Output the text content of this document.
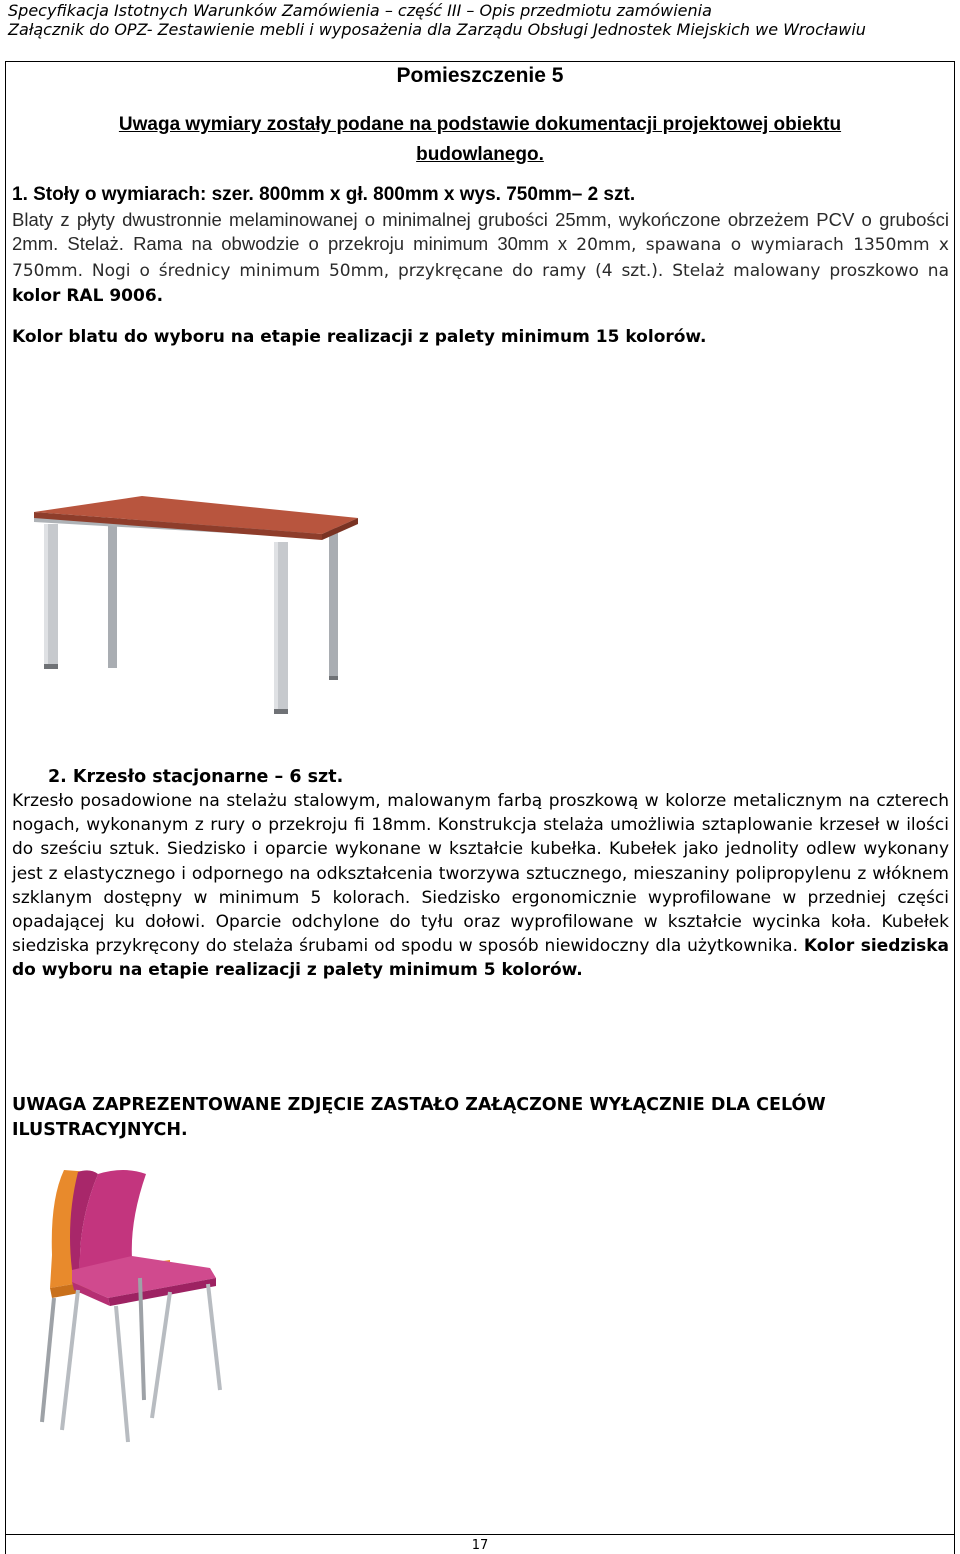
Specyfikacja Istotnych Warunków Zamówienia – część III – Opis przedmiotu zamówienia
Załącznik do OPZ- Zestawienie mebli i wyposażenia dla Zarządu Obsługi Jednostek Miejskich we Wrocławiu
Pomieszczenie 5
Uwaga wymiary zostały podane na podstawie dokumentacji projektowej obiektu
budowlanego.
1. Stoły o wymiarach: szer. 800mm x gł. 800mm x wys. 750mm– 2 szt.
Blaty z płyty dwustronnie melaminowanej o minimalnej grubości 25mm, wykończone obrzeżem PCV o grubości 2mm. Stelaż. Rama na obwodzie o przekroju minimum 30mm x 20mm, spawana o wymiarach 1350mm x 750mm. Nogi o średnicy minimum 50mm, przykręcane do ramy (4 szt.). Stelaż malowany proszkowo na kolor RAL 9006.
Kolor blatu do wyboru na etapie realizacji z palety minimum 15 kolorów.
2. Krzesło stacjonarne – 6 szt.
Krzesło posadowione na stelażu stalowym, malowanym farbą proszkową w kolorze metalicznym na czterech nogach, wykonanym z rury o przekroju fi 18mm. Konstrukcja stelaża umożliwia sztaplowanie krzeseł w ilości do sześciu sztuk. Siedzisko i oparcie wykonane w kształcie kubełka. Kubełek jako jednolity odlew wykonany jest z elastycznego i odpornego na odkształcenia tworzywa sztucznego, mieszaniny polipropylenu z włóknem szklanym dostępny w minimum 5 kolorach. Siedzisko ergonomicznie wyprofilowane w przedniej części opadającej ku dołowi. Oparcie odchylone do tyłu oraz wyprofilowane w kształcie wycinka koła. Kubełek siedziska przykręcony do stelaża śrubami od spodu w sposób niewidoczny dla użytkownika. Kolor siedziska do wyboru na etapie realizacji z palety minimum 5 kolorów.
UWAGA ZAPREZENTOWANE ZDJĘCIE ZASTAŁO ZAŁĄCZONE WYŁĄCZNIE DLA CELÓW ILUSTRACYJNYCH.
17
